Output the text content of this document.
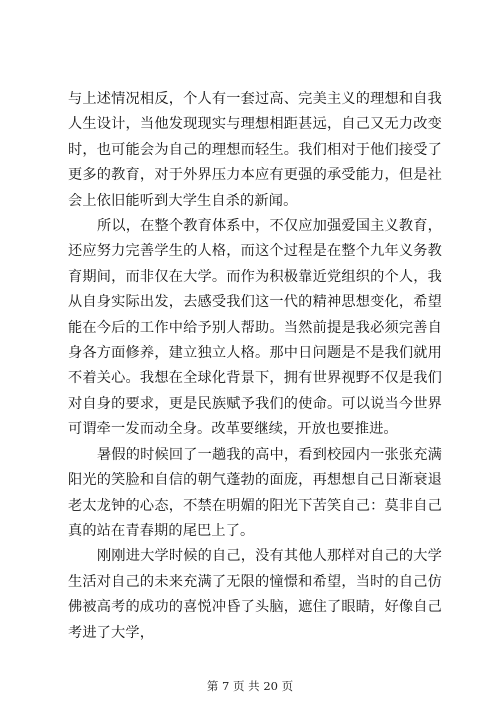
与上述情况相反，个人有一套过高、完美主义的理想和自我人生设计，当他发现现实与理想相距甚远，自己又无力改变时，也可能会为自己的理想而轻生。我们相对于他们接受了更多的教育，对于外界压力本应有更强的承受能力，但是社会上依旧能听到大学生自杀的新闻。

所以，在整个教育体系中，不仅应加强爱国主义教育，还应努力完善学生的人格，而这个过程是在整个九年义务教育期间，而非仅在大学。而作为积极靠近党组织的个人，我从自身实际出发，去感受我们这一代的精神思想变化，希望能在今后的工作中给予别人帮助。当然前提是我必须完善自身各方面修养，建立独立人格。那中日问题是不是我们就用不着关心。我想在全球化背景下，拥有世界视野不仅是我们对自身的要求，更是民族赋予我们的使命。可以说当今世界可谓牵一发而动全身。改革要继续，开放也要推进。

暑假的时候回了一趟我的高中，看到校园内一张张充满阳光的笑脸和自信的朝气蓬勃的面庞，再想想自己日渐衰退老太龙钟的心态，不禁在明媚的阳光下苦笑自己：莫非自己真的站在青春期的尾巴上了。

刚刚进大学时候的自己，没有其他人那样对自己的大学生活对自己的未来充满了无限的憧憬和希望，当时的自己仿佛被高考的成功的喜悦冲昏了头脑，遮住了眼睛，好像自己考进了大学，

第 7 页 共 20 页
